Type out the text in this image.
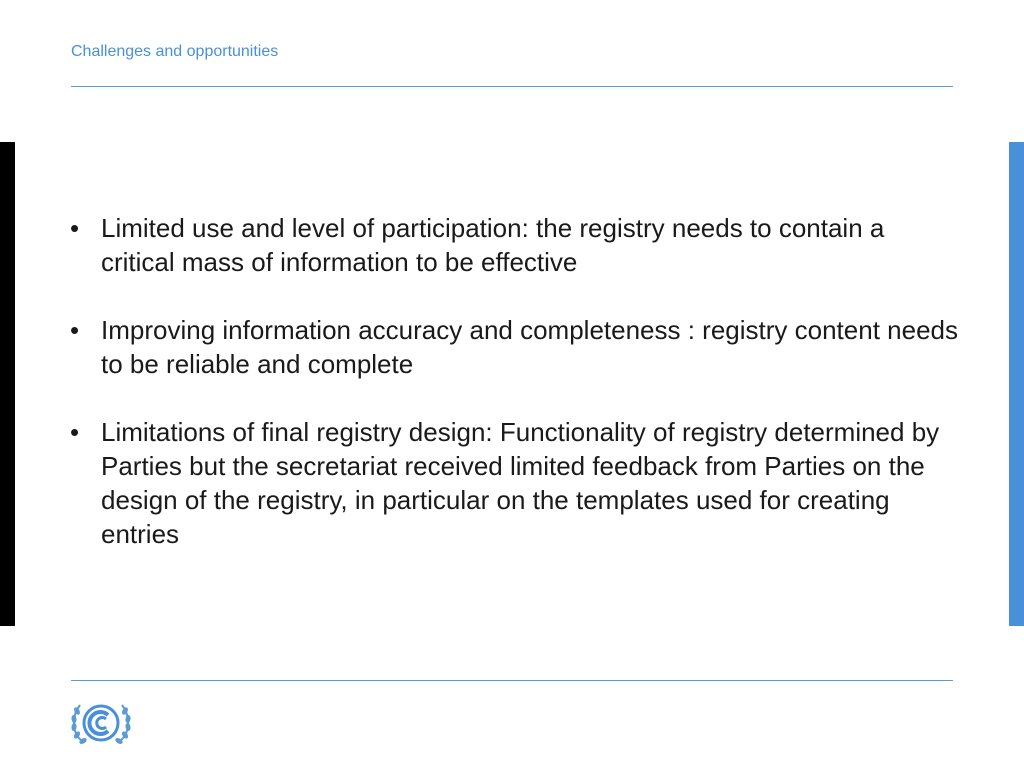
Challenges and opportunities
• Limited use and level of participation: the registry needs to contain a critical mass of information to be effective
• Improving information accuracy and completeness : registry content needs to be reliable and complete
• Limitations of final registry design: Functionality of registry determined by Parties but the secretariat received limited feedback from Parties on the design of the registry, in particular on the templates used for creating entries
